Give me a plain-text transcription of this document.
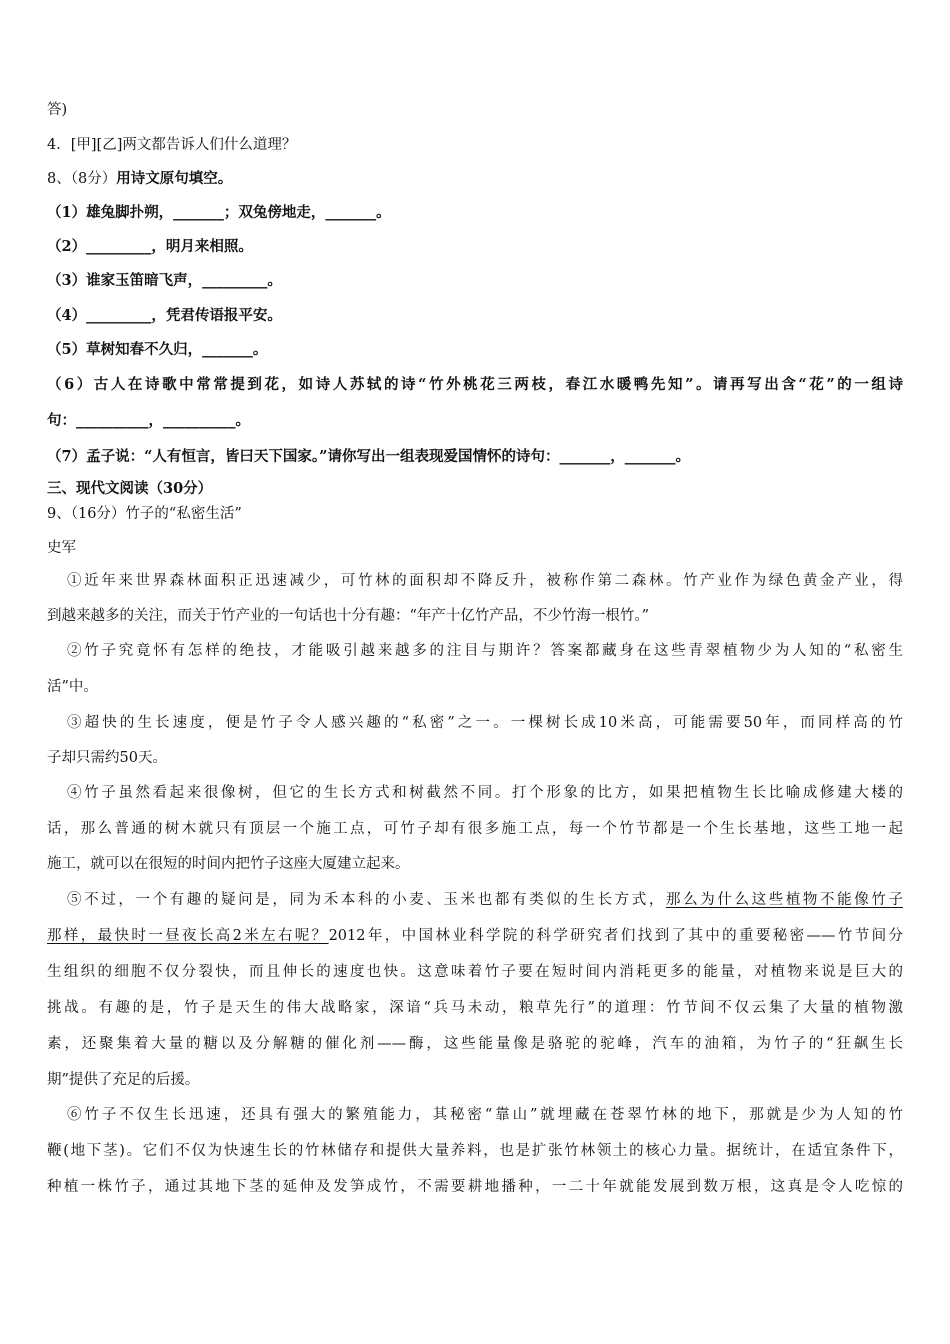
答)
4．[甲][乙]两文都告诉人们什么道理？
8、（8分）用诗文原句填空。
（1）雄兔脚扑朔，_______；双兔傍地走，_______。
（2）_________，明月来相照。
（3）谁家玉笛暗飞声，_________。
（4）_________，凭君传语报平安。
（5）草树知春不久归，_______。
（6）古人在诗歌中常常提到花，如诗人苏轼的诗“竹外桃花三两枝，春江水暖鸭先知”。请再写出含“花”的一组诗
句：__________，__________。
（7）孟子说：“人有恒言，皆曰天下国家。”请你写出一组表现爱国情怀的诗句：_______，_______。
三、现代文阅读（30分）
9、（16分）竹子的“私密生活”
史军
①近年来世界森林面积正迅速减少，可竹林的面积却不降反升，被称作第二森林。竹产业作为绿色黄金产业，得
到越来越多的关注，而关于竹产业的一句话也十分有趣：“年产十亿竹产品，不少竹海一根竹。”
②竹子究竟怀有怎样的绝技，才能吸引越来越多的注目与期许？答案都藏身在这些青翠植物少为人知的“私密生
活”中。
③超快的生长速度，便是竹子令人感兴趣的“私密”之一。一棵树长成10米高，可能需要50年，而同样高的竹
子却只需约50天。
④竹子虽然看起来很像树，但它的生长方式和树截然不同。打个形象的比方，如果把植物生长比喻成修建大楼的
话，那么普通的树木就只有顶层一个施工点，可竹子却有很多施工点，每一个竹节都是一个生长基地，这些工地一起
施工，就可以在很短的时间内把竹子这座大厦建立起来。
⑤不过，一个有趣的疑问是，同为禾本科的小麦、玉米也都有类似的生长方式，那么为什么这些植物不能像竹子
那样，最快时一昼夜长高2米左右呢？2012年，中国林业科学院的科学研究者们找到了其中的重要秘密——竹节间分
生组织的细胞不仅分裂快，而且伸长的速度也快。这意味着竹子要在短时间内消耗更多的能量，对植物来说是巨大的
挑战。有趣的是，竹子是天生的伟大战略家，深谙“兵马未动，粮草先行”的道理：竹节间不仅云集了大量的植物激
素，还聚集着大量的糖以及分解糖的催化剂——酶，这些能量像是骆驼的驼峰，汽车的油箱，为竹子的“狂飙生长
期”提供了充足的后援。
⑥竹子不仅生长迅速，还具有强大的繁殖能力，其秘密“靠山”就埋藏在苍翠竹林的地下，那就是少为人知的竹
鞭(地下茎)。它们不仅为快速生长的竹林储存和提供大量养料，也是扩张竹林领土的核心力量。据统计，在适宜条件下，
种植一株竹子，通过其地下茎的延伸及发笋成竹，不需要耕地播种，一二十年就能发展到数万根，这真是令人吃惊的
